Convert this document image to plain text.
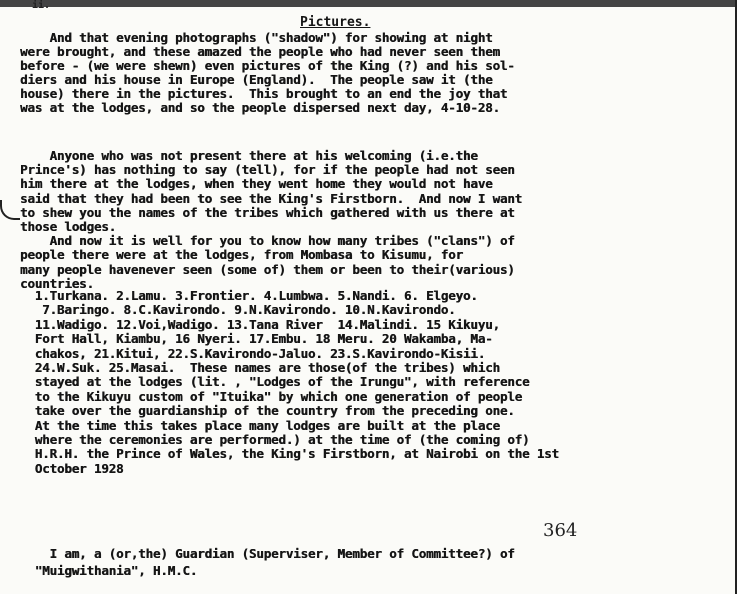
ii.
Pictures.
And that evening photographs ("shadow") for showing at night
were brought, and these amazed the people who had never seen them
before - (we were shewn) even pictures of the King (?) and his sol-
diers and his house in Europe (England).  The people saw it (the
house) there in the pictures.  This brought to an end the joy that
was at the lodges, and so the people dispersed next day, 4-10-28.
Anyone who was not present there at his welcoming (i.e.the
Prince's) has nothing to say (tell), for if the people had not seen
him there at the lodges, when they went home they would not have
said that they had been to see the King's Firstborn.  And now I want
to shew you the names of the tribes which gathered with us there at
those lodges.
And now it is well for you to know how many tribes ("clans") of
people there were at the lodges, from Mombasa to Kisumu, for
many people havenever seen (some of) them or been to their(various)
countries.
1.Turkana. 2.Lamu. 3.Frontier. 4.Lumbwa. 5.Nandi. 6. Elgeyo.
7.Baringo. 8.C.Kavirondo. 9.N.Kavirondo. 10.N.Kavirondo.
11.Wadigo. 12.Voi,Wadigo. 13.Tana River  14.Malindi. 15 Kikuyu,
Fort Hall, Kiambu, 16 Nyeri. 17.Embu. 18 Meru. 20 Wakamba, Ma-
chakos, 21.Kitui, 22.S.Kavirondo-Jaluo. 23.S.Kavirondo-Kisii.
24.W.Suk. 25.Masai.  These names are those(of the tribes) which
stayed at the lodges (lit. , "Lodges of the Irungu", with reference
to the Kikuyu custom of "Ituika" by which one generation of people
take over the guardianship of the country from the preceding one.
At the time this takes place many lodges are built at the place
where the ceremonies are performed.) at the time of (the coming of)
H.R.H. the Prince of Wales, the King's Firstborn, at Nairobi on the 1st
October 1928
I am, a (or,the) Guardian (Superviser, Member of Committee?) of
"Muigwithania", H.M.C.
364
